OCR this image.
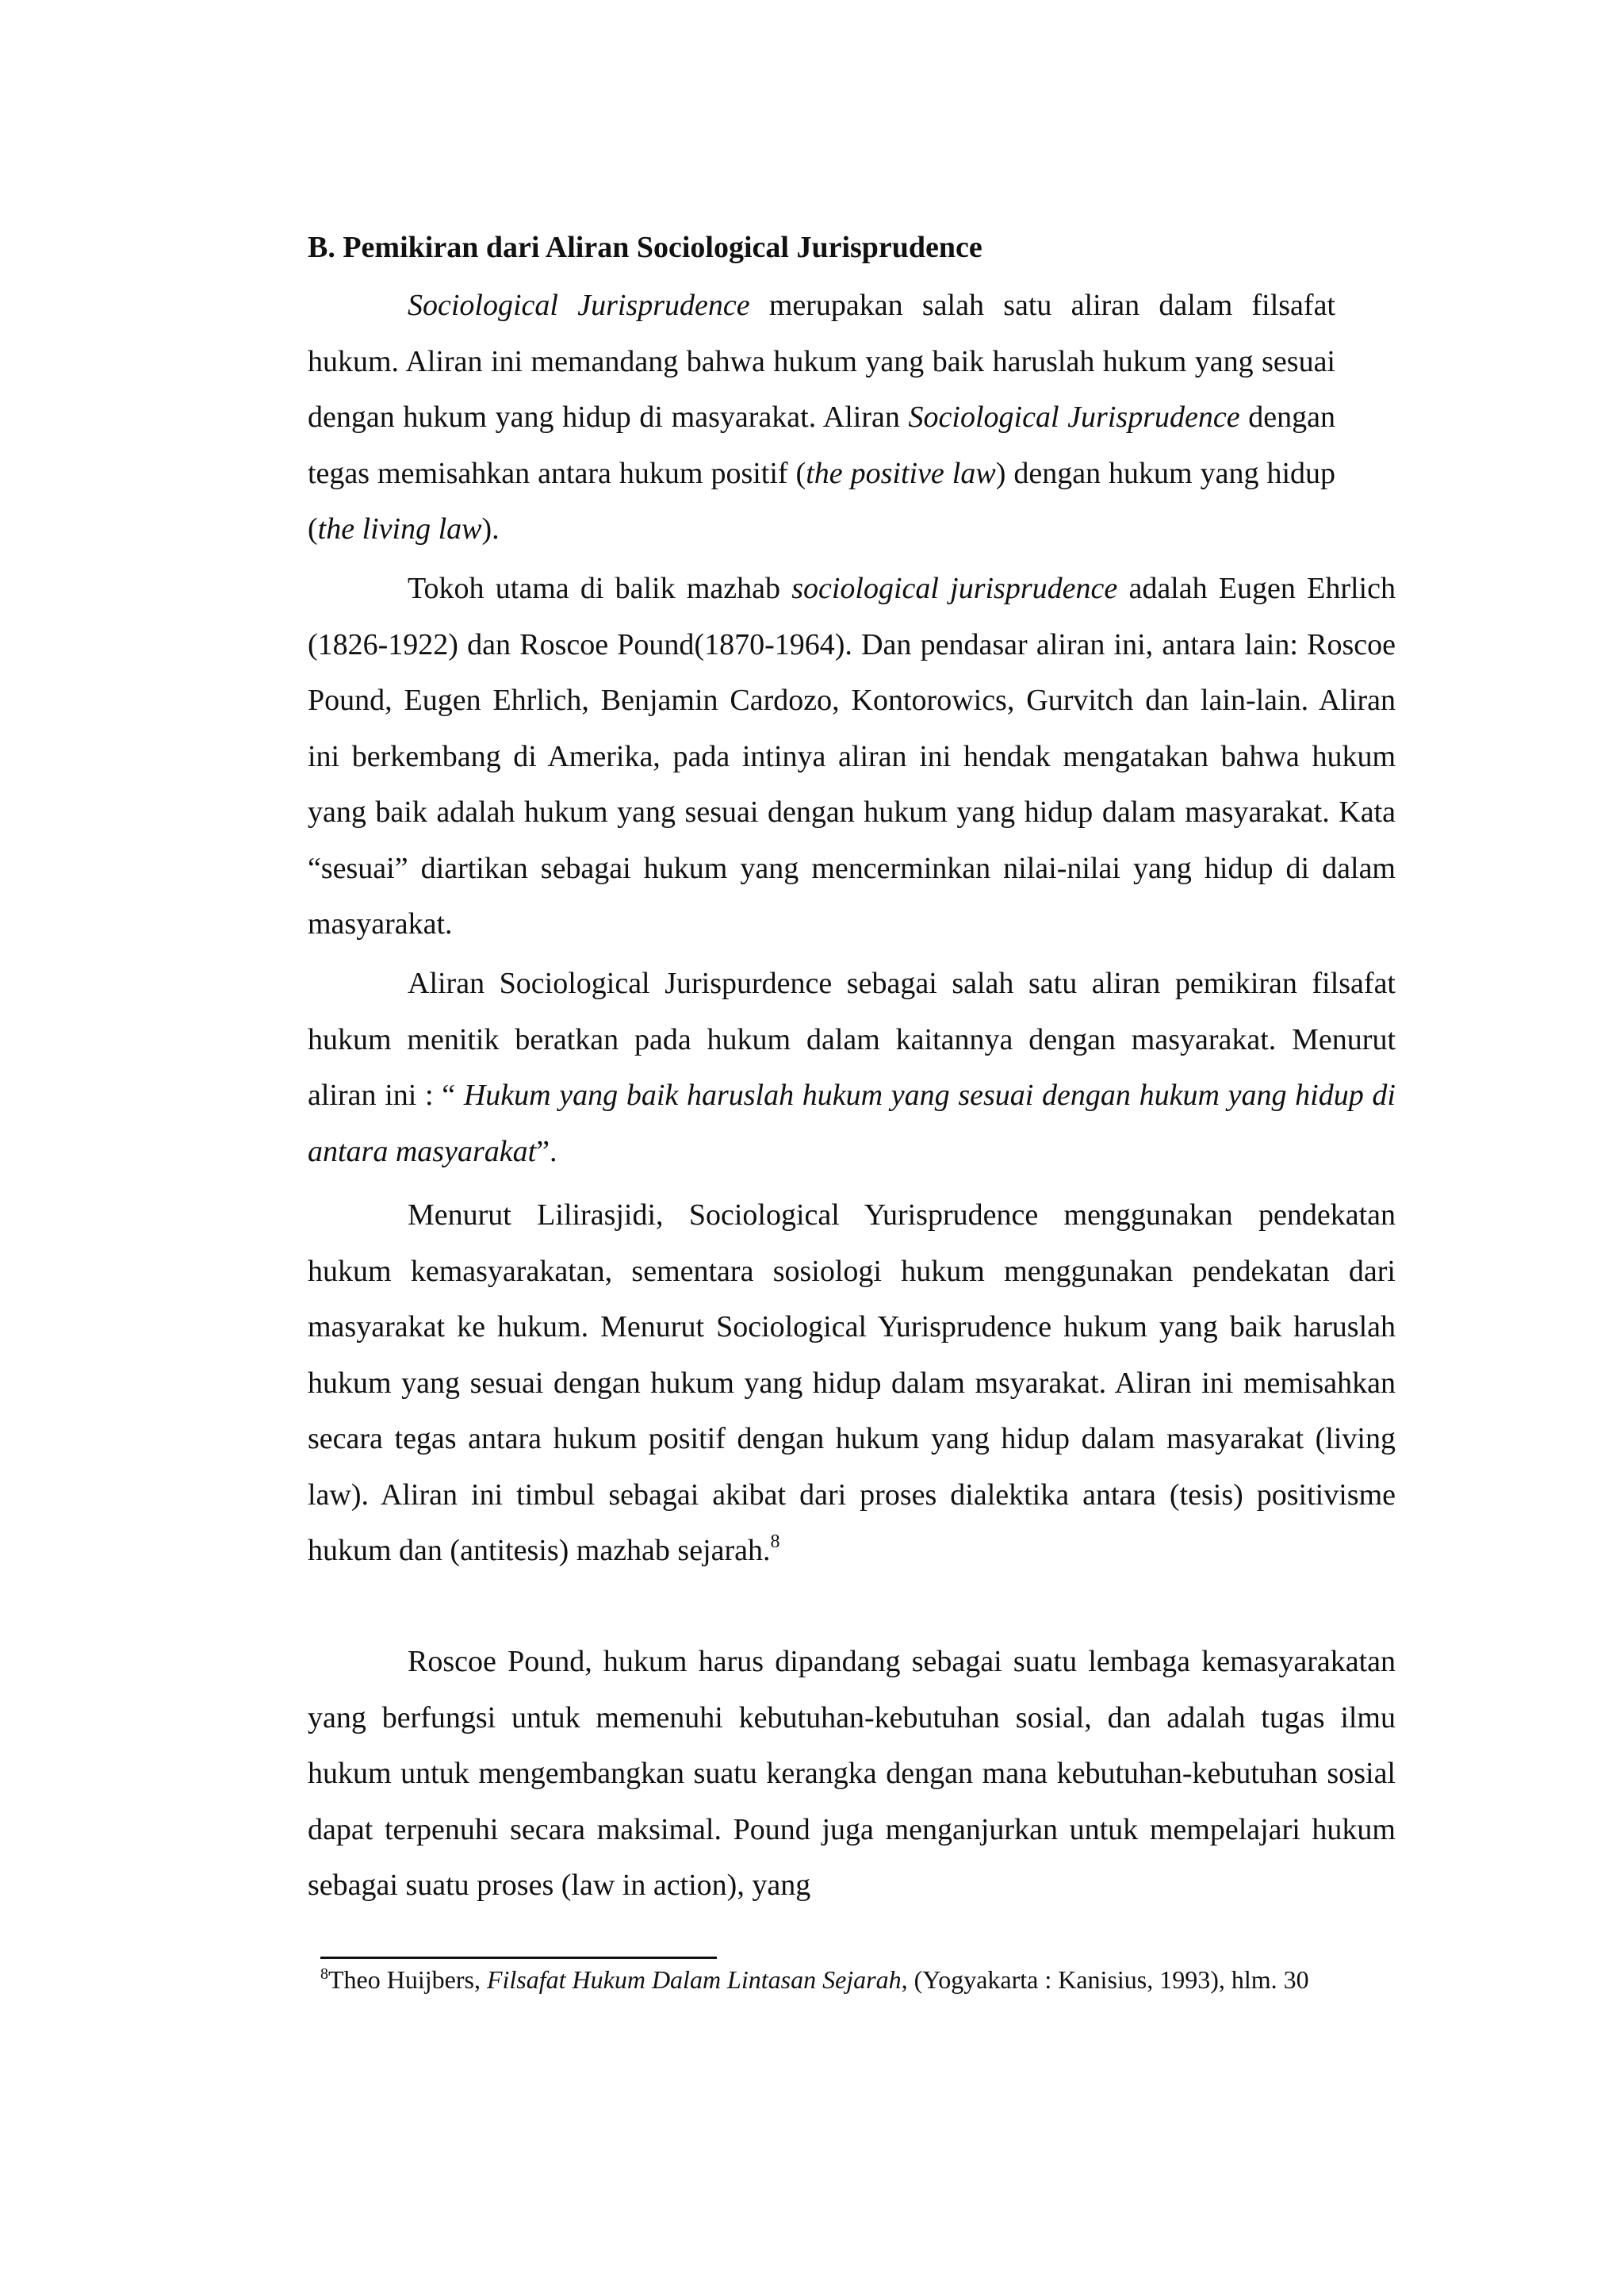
B. Pemikiran dari Aliran Sociological Jurisprudence

Sociological Jurisprudence merupakan salah satu aliran dalam filsafat hukum. Aliran ini memandang bahwa hukum yang baik haruslah hukum yang sesuai dengan hukum yang hidup di masyarakat. Aliran Sociological Jurisprudence dengan tegas memisahkan antara hukum positif (the positive law) dengan hukum yang hidup (the living law).

Tokoh utama di balik mazhab sociological jurisprudence adalah Eugen Ehrlich (1826-1922) dan Roscoe Pound(1870-1964). Dan pendasar aliran ini, antara lain: Roscoe Pound, Eugen Ehrlich, Benjamin Cardozo, Kontorowics, Gurvitch dan lain-lain. Aliran ini berkembang di Amerika, pada intinya aliran ini hendak mengatakan bahwa hukum yang baik adalah hukum yang sesuai dengan hukum yang hidup dalam masyarakat. Kata “sesuai” diartikan sebagai hukum yang mencerminkan nilai-nilai yang hidup di dalam masyarakat.

Aliran Sociological Jurispurdence sebagai salah satu aliran pemikiran filsafat hukum menitik beratkan pada hukum dalam kaitannya dengan masyarakat. Menurut aliran ini : “ Hukum yang baik haruslah hukum yang sesuai dengan hukum yang hidup di antara masyarakat”.

Menurut Lilirasjidi, Sociological Yurisprudence menggunakan pendekatan hukum kemasyarakatan, sementara sosiologi hukum menggunakan pendekatan dari masyarakat ke hukum. Menurut Sociological Yurisprudence hukum yang baik haruslah hukum yang sesuai dengan hukum yang hidup dalam msyarakat. Aliran ini memisahkan secara tegas antara hukum positif dengan hukum yang hidup dalam masyarakat (living law). Aliran ini timbul sebagai akibat dari proses dialektika antara (tesis) positivisme hukum dan (antitesis) mazhab sejarah.$^8$

Roscoe Pound, hukum harus dipandang sebagai suatu lembaga kemasyarakatan yang berfungsi untuk memenuhi kebutuhan-kebutuhan sosial, dan adalah tugas ilmu hukum untuk mengembangkan suatu kerangka dengan mana kebutuhan-kebutuhan sosial dapat terpenuhi secara maksimal. Pound juga menganjurkan untuk mempelajari hukum sebagai suatu proses (law in action), yang

$^8$Theo Huijbers, Filsafat Hukum Dalam Lintasan Sejarah, (Yogyakarta : Kanisius, 1993), hlm. 30
